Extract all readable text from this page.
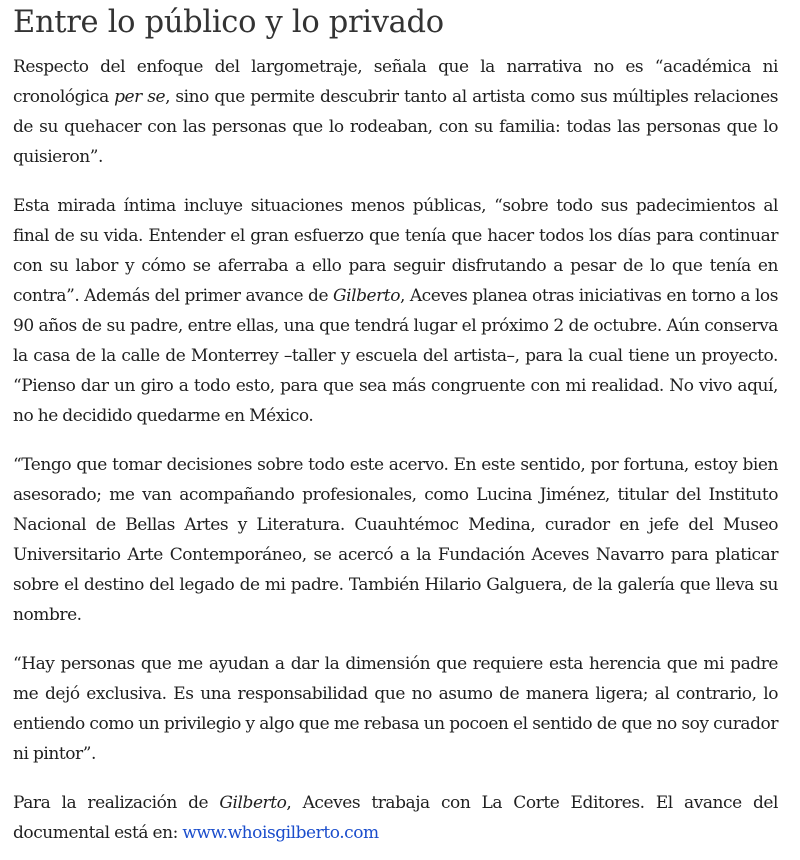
Entre lo público y lo privado

Respecto del enfoque del largometraje, señala que la narrativa no es “académica ni cronológica per se, sino que permite descubrir tanto al artista como sus múltiples relaciones de su quehacer con las personas que lo rodeaban, con su familia: todas las personas que lo quisieron”.

Esta mirada íntima incluye situaciones menos públicas, “sobre todo sus padecimientos al final de su vida. Entender el gran esfuerzo que tenía que hacer todos los días para continuar con su labor y cómo se aferraba a ello para seguir disfrutando a pesar de lo que tenía en contra”. Además del primer avance de Gilberto, Aceves planea otras iniciativas en torno a los 90 años de su padre, entre ellas, una que tendrá lugar el próximo 2 de octubre. Aún conserva la casa de la calle de Monterrey –taller y escuela del artista–, para la cual tiene un proyecto. “Pienso dar un giro a todo esto, para que sea más congruente con mi realidad. No vivo aquí, no he decidido quedarme en México.

“Tengo que tomar decisiones sobre todo este acervo. En este sentido, por fortuna, estoy bien asesorado; me van acompañando profesionales, como Lucina Jiménez, titular del Instituto Nacional de Bellas Artes y Literatura. Cuauhtémoc Medina, curador en jefe del Museo Universitario Arte Contemporáneo, se acercó a la Fundación Aceves Navarro para platicar sobre el destino del legado de mi padre. También Hilario Galguera, de la galería que lleva su nombre.

“Hay personas que me ayudan a dar la dimensión que requiere esta herencia que mi padre me dejó exclusiva. Es una responsabilidad que no asumo de manera ligera; al contrario, lo entiendo como un privilegio y algo que me rebasa un pocoen el sentido de que no soy curador ni pintor”.

Para la realización de Gilberto, Aceves trabaja con La Corte Editores. El avance del documental está en: www.whoisgilberto.com
